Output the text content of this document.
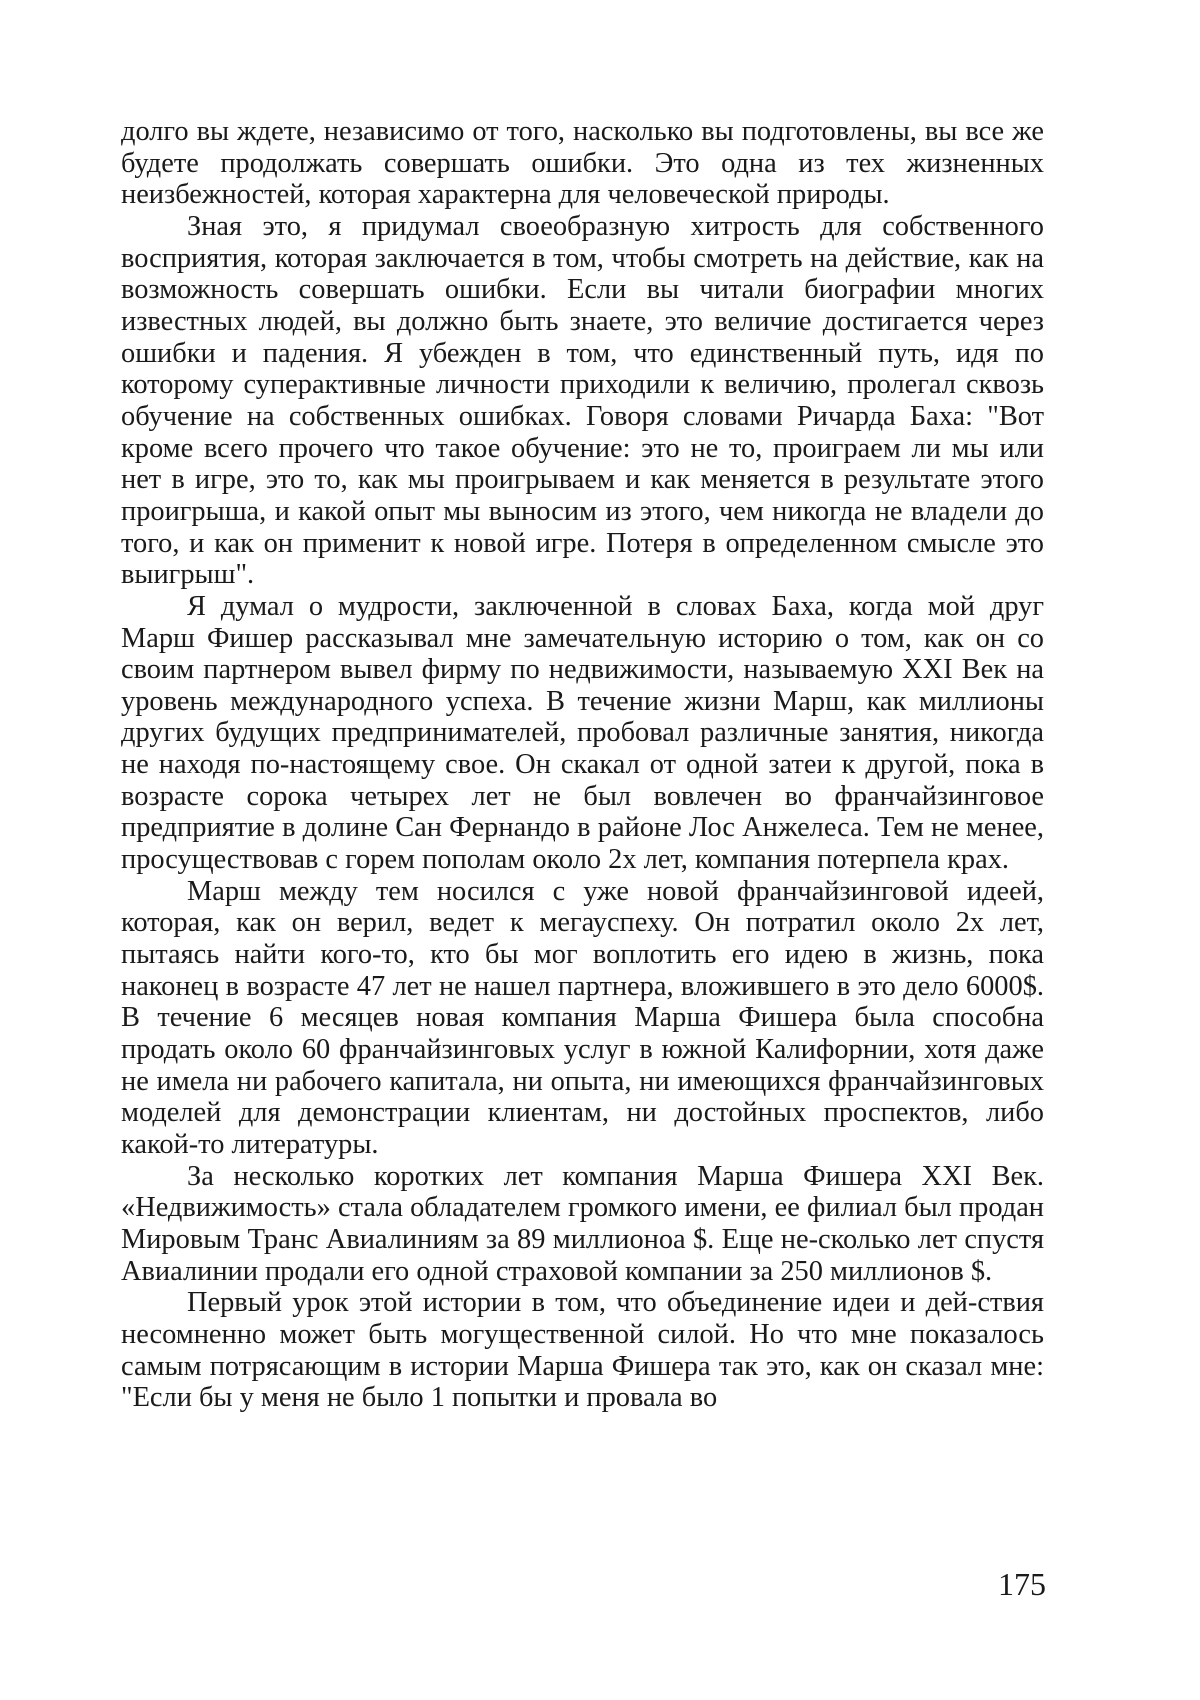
долго вы ждете, независимо от того, насколько вы подготовлены, вы все же будете продолжать совершать ошибки. Это одна из тех жизненных неизбежностей, которая характерна для человеческой природы.

Зная это, я придумал своеобразную хитрость для собственного восприятия, которая заключается в том, чтобы смотреть на действие, как на возможность совершать ошибки. Если вы читали биографии многих известных людей, вы должно быть знаете, это величие достигается через ошибки и падения. Я убежден в том, что единственный путь, идя по которому суперактивные личности приходили к величию, пролегал сквозь обучение на собственных ошибках. Говоря словами Ричарда Баха: "Вот кроме всего прочего что такое обучение: это не то, проиграем ли мы или нет в игре, это то, как мы проигрываем и как меняется в результате этого проигрыша, и какой опыт мы выносим из этого, чем никогда не владели до того, и как он применит к новой игре. Потеря в определенном смысле это выигрыш".

Я думал о мудрости, заключенной в словах Баха, когда мой друг Марш Фишер рассказывал мне замечательную историю о том, как он со своим партнером вывел фирму по недвижимости, называемую XXI Век на уровень международного успеха. В течение жизни Марш, как миллионы других будущих предпринимателей, пробовал различные занятия, никогда не находя по-настоящему свое. Он скакал от одной затеи к другой, пока в возрасте сорока четырех лет не был вовлечен во франчайзинговое предприятие в долине Сан Фернандо в районе Лос Анжелеса. Тем не менее, просуществовав с горем пополам около 2х лет, компания потерпела крах.

Марш между тем носился с уже новой франчайзинговой идеей, которая, как он верил, ведет к мегауспеху. Он потратил около 2х лет, пытаясь найти кого-то, кто бы мог воплотить его идею в жизнь, пока наконец в возрасте 47 лет не нашел партнера, вложившего в это дело 6000$. В течение 6 месяцев новая компания Марша Фишера была способна продать около 60 франчайзинговых услуг в южной Калифорнии, хотя даже не имела ни рабочего капитала, ни опыта, ни имеющихся франчайзинговых моделей для демонстрации клиентам, ни достойных проспектов, либо какой-то литературы.

За несколько коротких лет компания Марша Фишера XXI Век. «Недвижимость» стала обладателем громкого имени, ее филиал был продан Мировым Транс Авиалиниям за 89 миллионоа $. Еще не-сколько лет спустя Авиалинии продали его одной страховой компании за 250 миллионов $.

Первый урок этой истории в том, что объединение идеи и дей-ствия несомненно может быть могущественной силой. Но что мне показалось самым потрясающим в истории Марша Фишера так это, как он сказал мне: "Если бы у меня не было 1 попытки и провала во

175
